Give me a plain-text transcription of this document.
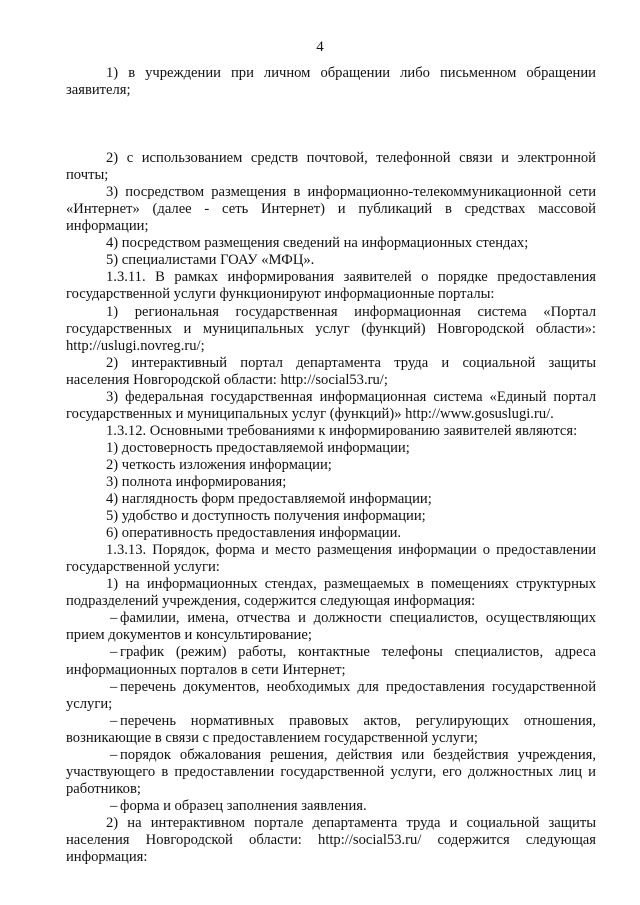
4

1) в учреждении при личном обращении либо письменном обращении заявителя;

2) с использованием средств почтовой, телефонной связи и электронной почты;

3) посредством размещения в информационно-телекоммуникационной сети «Интернет» (далее - сеть Интернет) и публикаций в средствах массовой информации;

4) посредством размещения сведений на информационных стендах;

5) специалистами ГОАУ «МФЦ».

1.3.11. В рамках информирования заявителей о порядке предоставления государственной услуги функционируют информационные порталы:

1) региональная государственная информационная система «Портал государственных и муниципальных услуг (функций) Новгородской области»: http://uslugi.novreg.ru/;

2) интерактивный портал департамента труда и социальной защиты населения Новгородской области: http://social53.ru/;

3) федеральная государственная информационная система «Единый портал государственных и муниципальных услуг (функций)» http://www.gosuslugi.ru/.

1.3.12. Основными требованиями к информированию заявителей являются:

1) достоверность предоставляемой информации;

2) четкость изложения информации;

3) полнота информирования;

4) наглядность форм предоставляемой информации;

5) удобство и доступность получения информации;

6) оперативность предоставления информации.

1.3.13. Порядок, форма и место размещения информации о предоставлении государственной услуги:

1) на информационных стендах, размещаемых в помещениях структурных подразделений учреждения, содержится следующая информация:

– фамилии, имена, отчества и должности специалистов, осуществляющих прием документов и консультирование;

– график (режим) работы, контактные телефоны специалистов, адреса информационных порталов в сети Интернет;

– перечень документов, необходимых для предоставления государственной услуги;

– перечень нормативных правовых актов, регулирующих отношения, возникающие в связи с предоставлением государственной услуги;

– порядок обжалования решения, действия или бездействия учреждения, участвующего в предоставлении государственной услуги, его должностных лиц и работников;

– форма и образец заполнения заявления.

2) на интерактивном портале департамента труда и социальной защиты населения Новгородской области: http://social53.ru/ содержится следующая информация:
